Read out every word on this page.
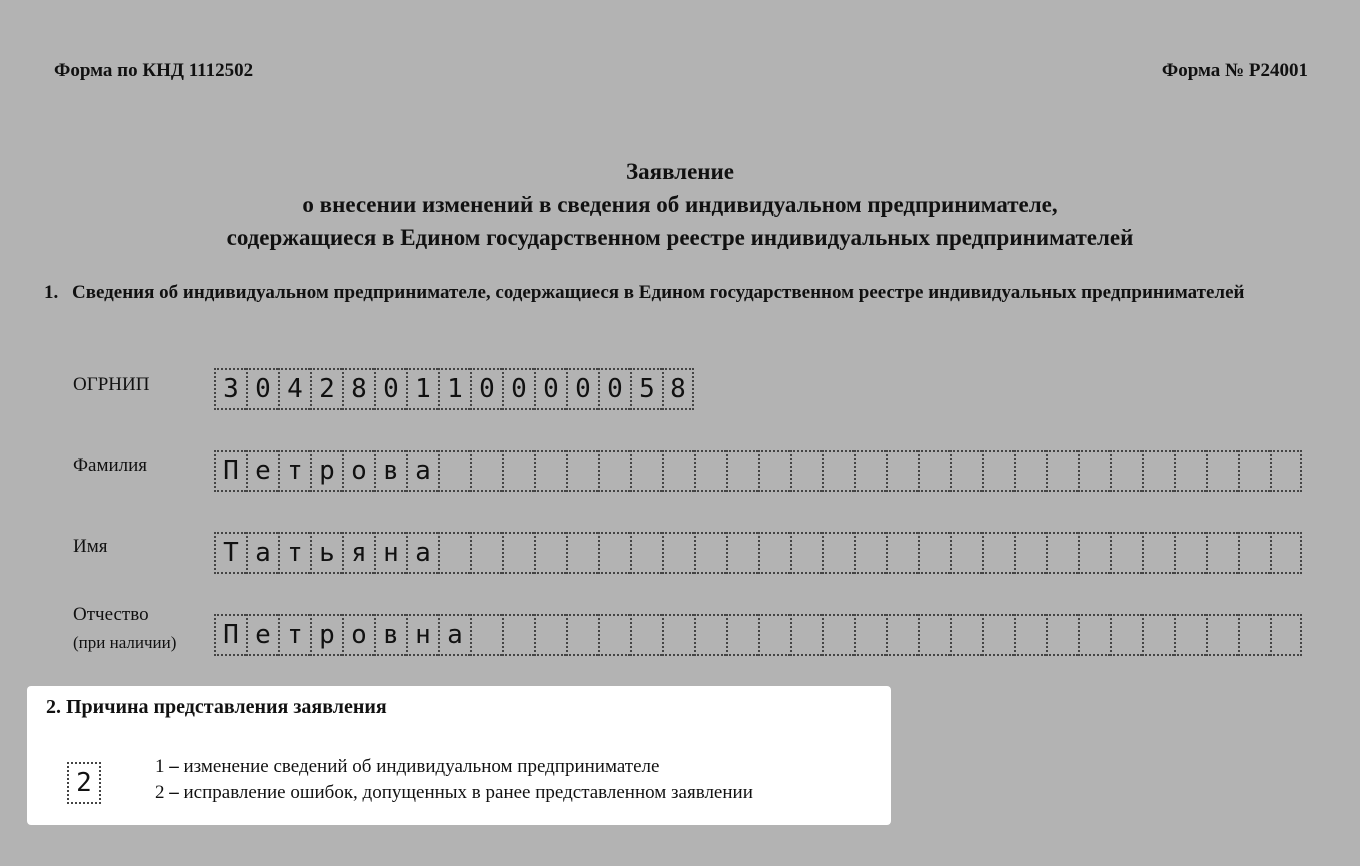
Форма по КНД 1112502	Форма № Р24001
Заявление
о внесении изменений в сведения об индивидуальном предпринимателе,
содержащиеся в Едином государственном реестре индивидуальных предпринимателей
1. Сведения об индивидуальном предпринимателе, содержащиеся в Едином государственном реестре индивидуальных предпринимателей
ОГРНИП	3 0 4 2 8 0 1 1 0 0 0 0 0 5 8
Фамилия	П е т р о в а
Имя	Т а т ь я н а
Отчество
(при наличии)	П е т р о в н а
2. Причина представления заявления
2
1 – изменение сведений об индивидуальном предпринимателе
2 – исправление ошибок, допущенных в ранее представленном заявлении
